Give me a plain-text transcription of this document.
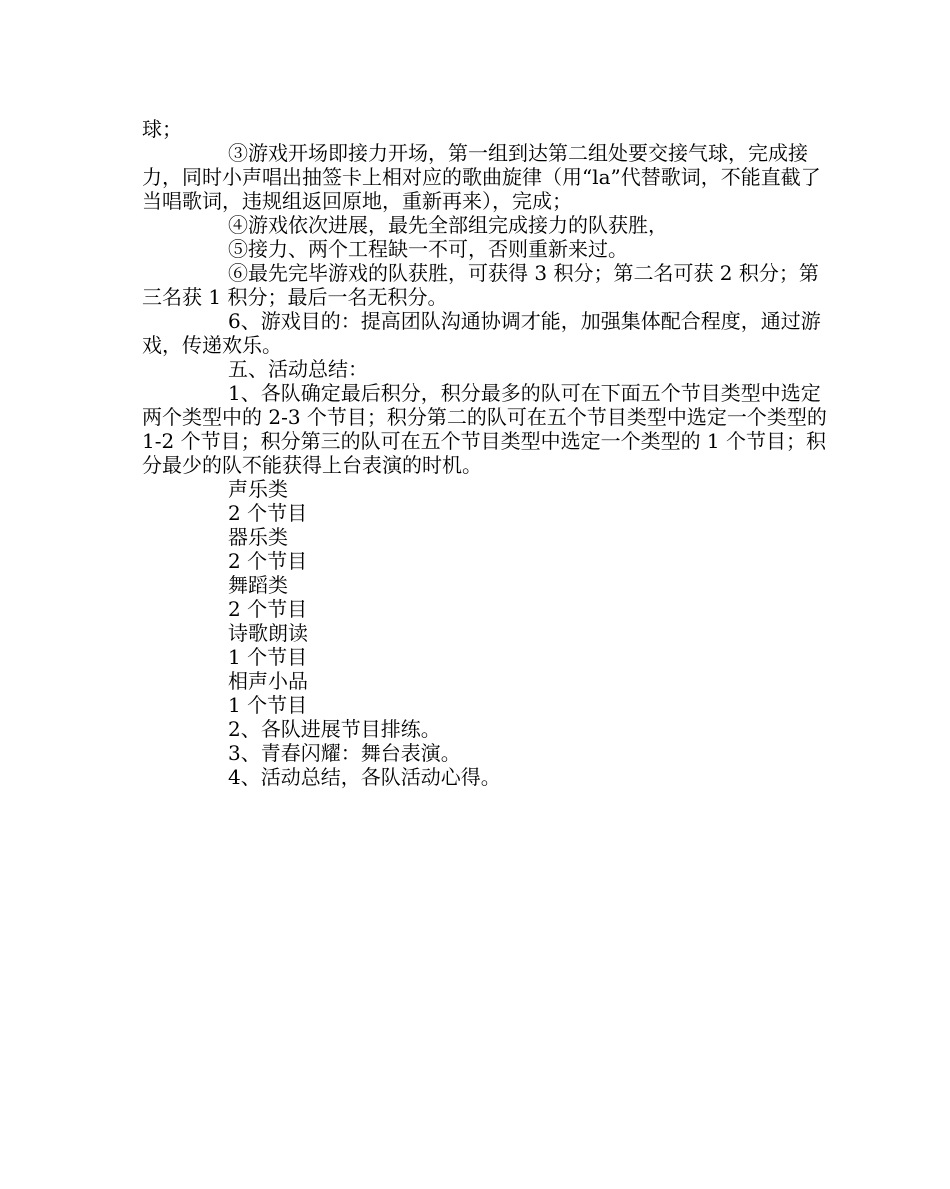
球；

③游戏开场即接力开场，第一组到达第二组处要交接气球，完成接力，同时小声唱出抽签卡上相对应的歌曲旋律（用“la”代替歌词，不能直截了当唱歌词，违规组返回原地，重新再来），完成；

④游戏依次进展，最先全部组完成接力的队获胜，

⑤接力、两个工程缺一不可，否则重新来过。

⑥最先完毕游戏的队获胜，可获得 3 积分；第二名可获 2 积分；第三名获 1 积分；最后一名无积分。

6、游戏目的：提高团队沟通协调才能，加强集体配合程度，通过游戏，传递欢乐。

五、活动总结：

1、各队确定最后积分，积分最多的队可在下面五个节目类型中选定两个类型中的 2-3 个节目；积分第二的队可在五个节目类型中选定一个类型的 1-2 个节目；积分第三的队可在五个节目类型中选定一个类型的 1 个节目；积分最少的队不能获得上台表演的时机。

声乐类

2 个节目

器乐类

2 个节目

舞蹈类

2 个节目

诗歌朗读

1 个节目

相声小品

1 个节目

2、各队进展节目排练。

3、青春闪耀：舞台表演。

4、活动总结，各队活动心得。
